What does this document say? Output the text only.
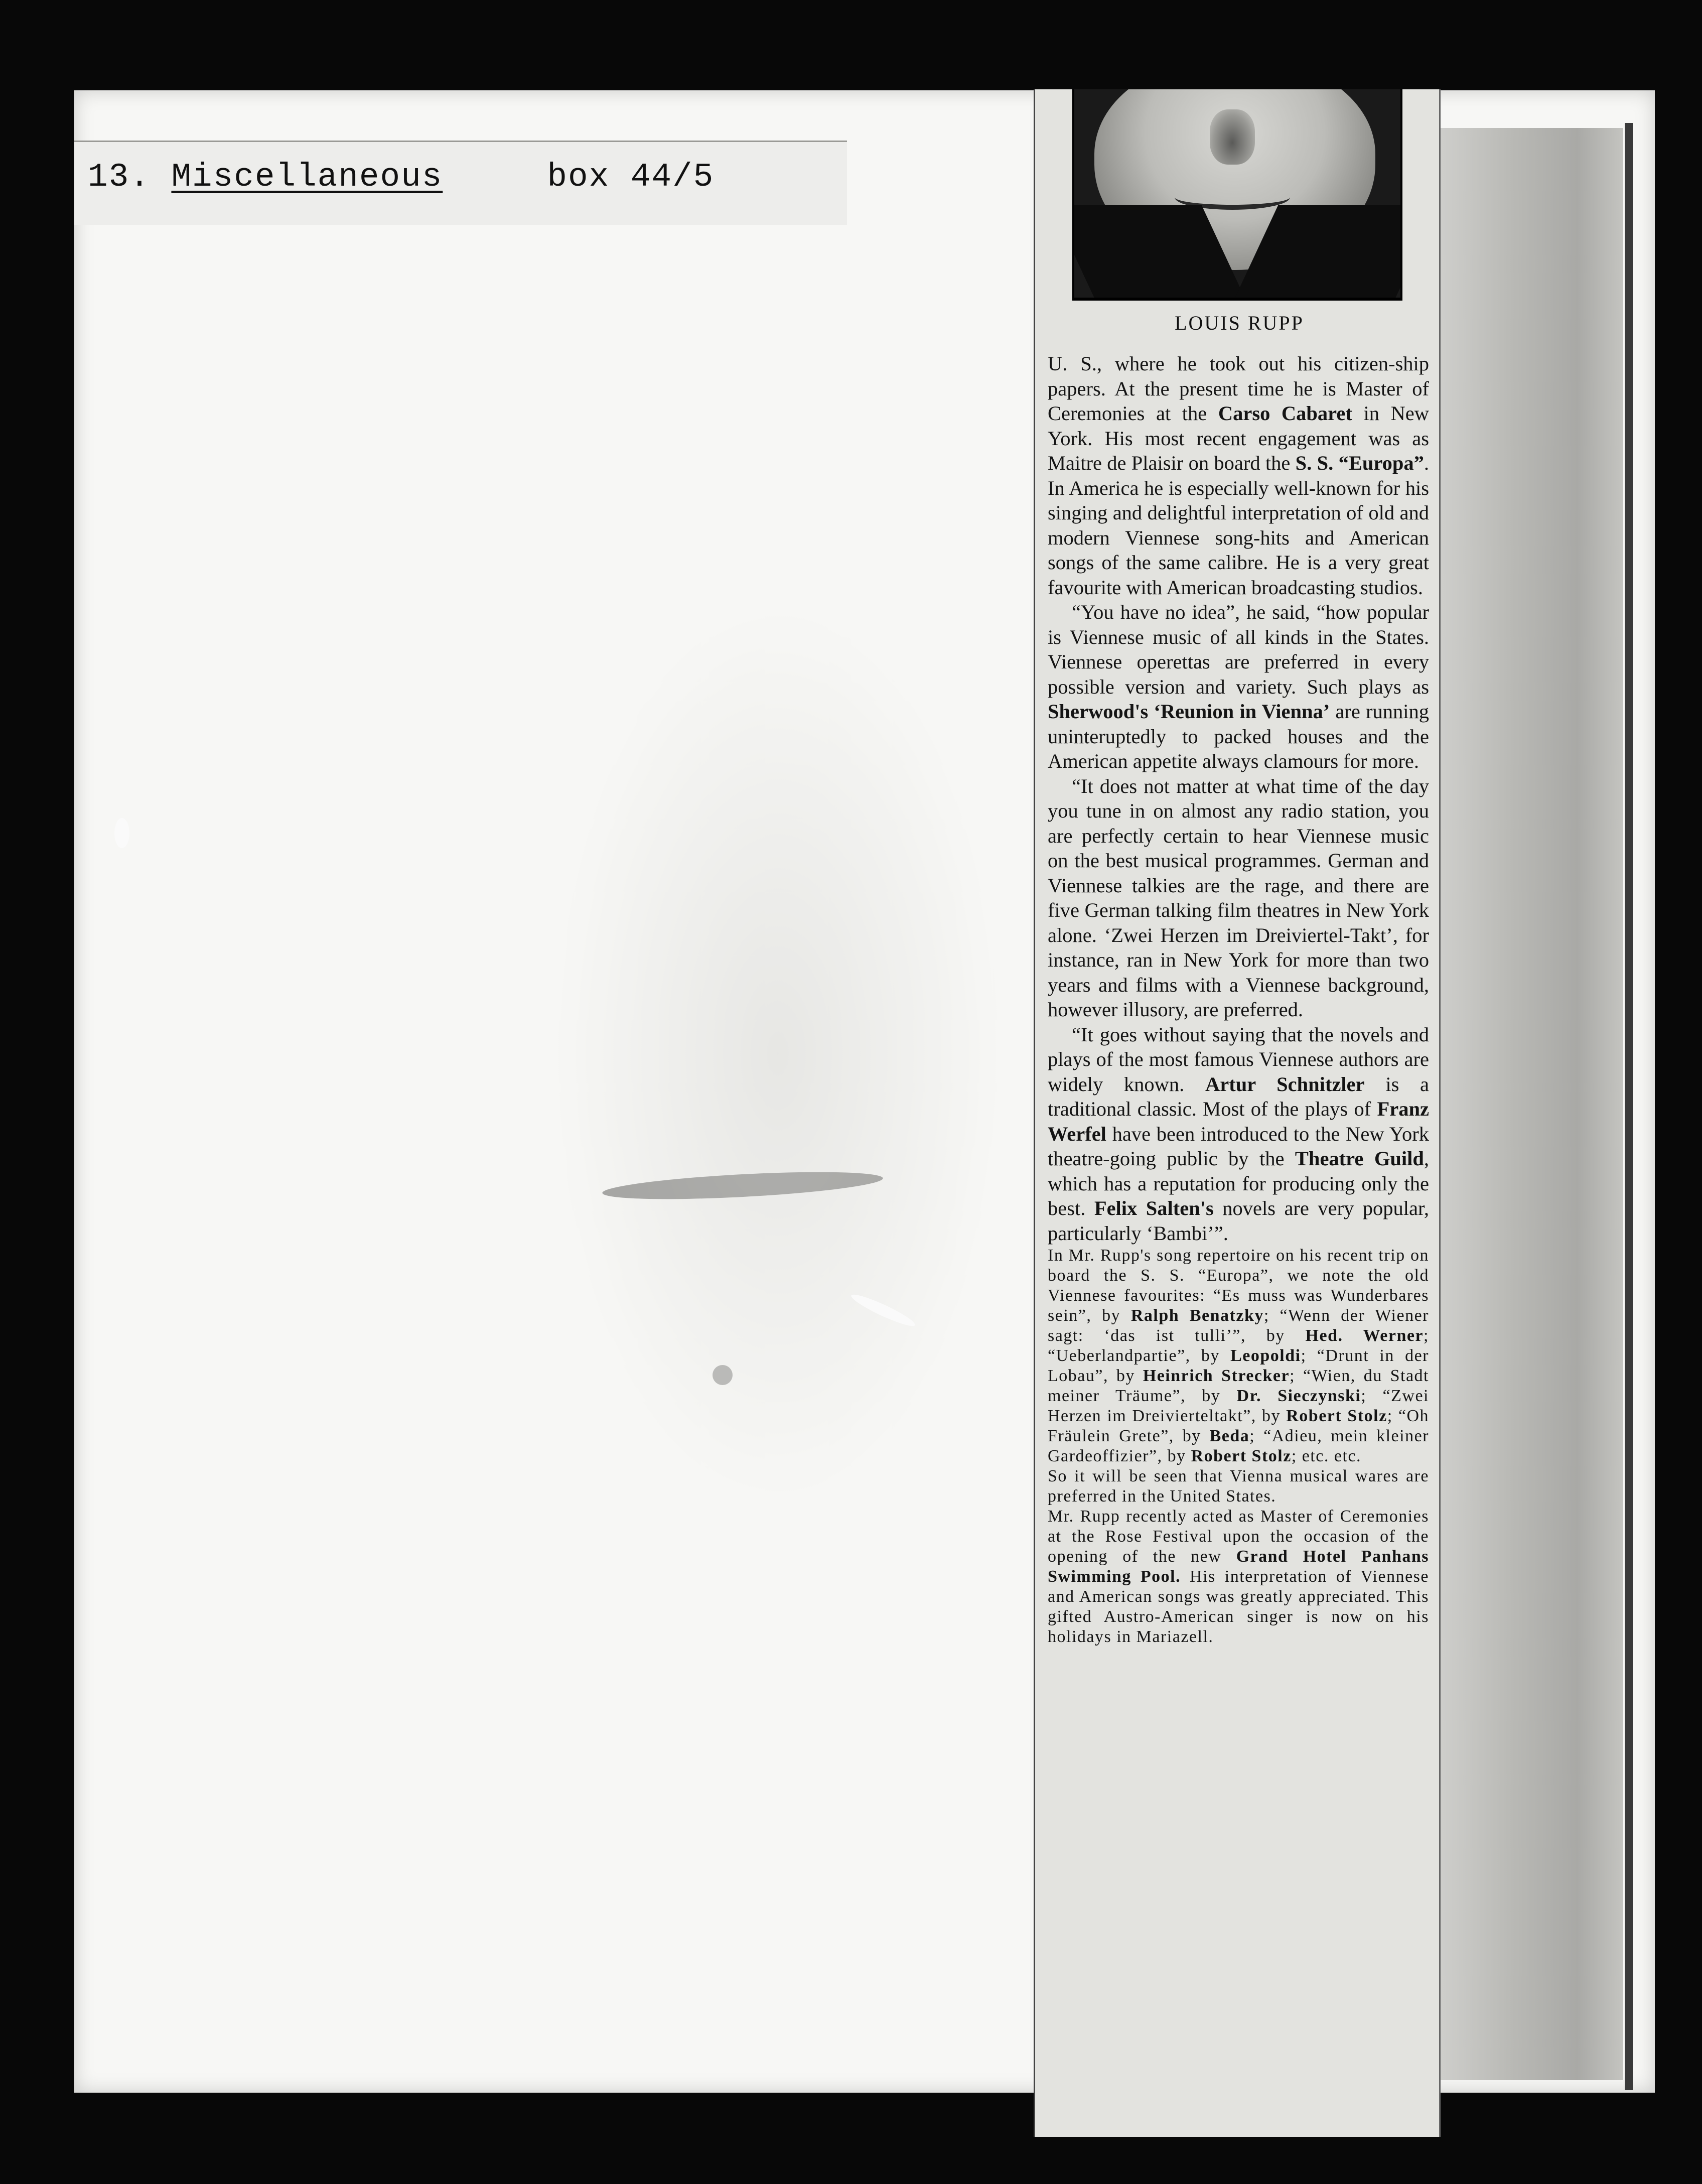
13. Miscellaneous	box 44/5
LOUIS RUPP

U. S., where he took out his citizen-ship papers. At the present time he is Master of Ceremonies at the Carso Cabaret in New York. His most recent engagement was as Maitre de Plaisir on board the S. S. “Europa”. In America he is especially well-known for his singing and delightful interpretation of old and modern Viennese song-hits and American songs of the same calibre. He is a very great favourite with American broadcasting studios.

“You have no idea”, he said, “how popular is Viennese music of all kinds in the States. Viennese operettas are preferred in every possible version and variety. Such plays as Sherwood's ‘Reunion in Vienna’ are running uninteruptedly to packed houses and the American appetite always clamours for more.

“It does not matter at what time of the day you tune in on almost any radio station, you are perfectly certain to hear Viennese music on the best musical programmes. German and Viennese talkies are the rage, and there are five German talking film theatres in New York alone. ‘Zwei Herzen im Dreiviertel-Takt’, for instance, ran in New York for more than two years and films with a Viennese background, however illusory, are preferred.

“It goes without saying that the novels and plays of the most famous Viennese authors are widely known. Artur Schnitzler is a traditional classic. Most of the plays of Franz Werfel have been introduced to the New York theatre-going public by the Theatre Guild, which has a reputation for producing only the best. Felix Salten's novels are very popular, particularly ‘Bambi’”.

In Mr. Rupp's song repertoire on his recent trip on board the S. S. “Europa”, we note the old Viennese favourites: “Es muss was Wunderbares sein”, by Ralph Benatzky; “Wenn der Wiener sagt: ‘das ist tulli’”, by Hed. Werner; “Ueberlandpartie”, by Leopoldi; “Drunt in der Lobau”, by Heinrich Strecker; “Wien, du Stadt meiner Träume”, by Dr. Sieczynski; “Zwei Herzen im Dreivierteltakt”, by Robert Stolz; “Oh Fräulein Grete”, by Beda; “Adieu, mein kleiner Gardeoffizier”, by Robert Stolz; etc. etc.

So it will be seen that Vienna musical wares are preferred in the United States.

Mr. Rupp recently acted as Master of Ceremonies at the Rose Festival upon the occasion of the opening of the new Grand Hotel Panhans Swimming Pool. His interpretation of Viennese and American songs was greatly appreciated. This gifted Austro-American singer is now on his holidays in Mariazell.
